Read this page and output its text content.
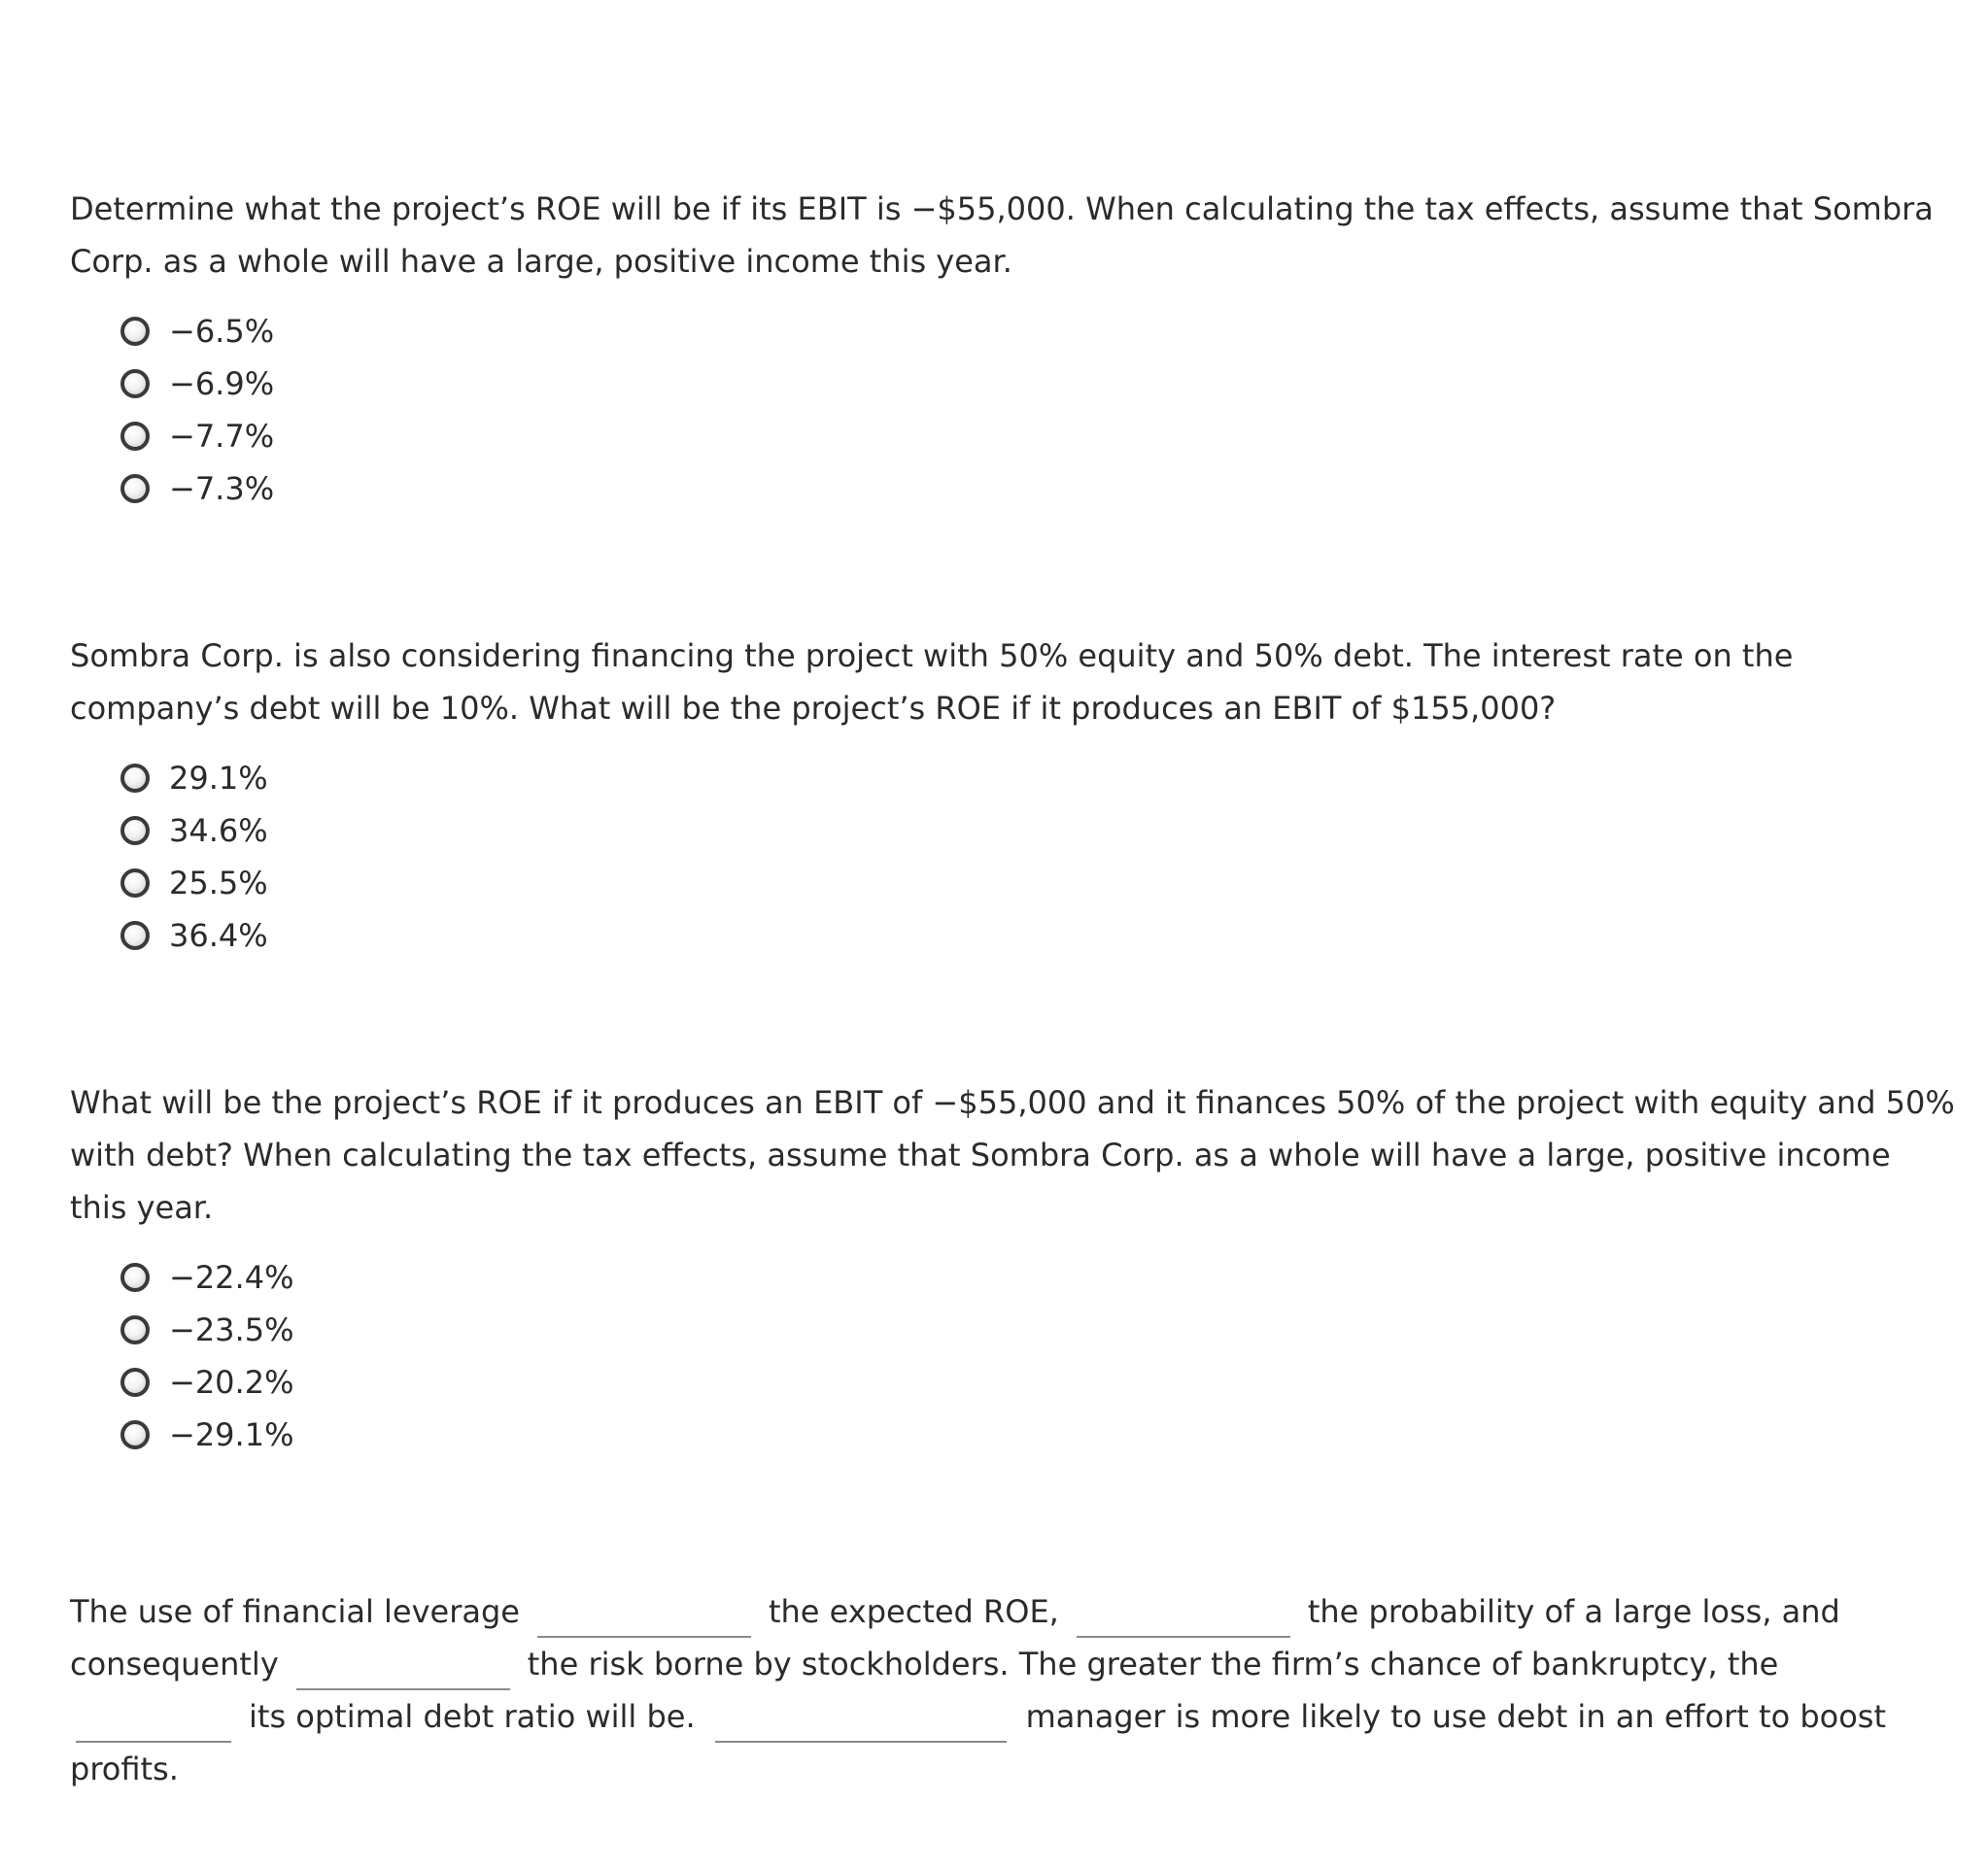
Determine what the project’s ROE will be if its EBIT is −$55,000. When calculating the tax effects, assume that Sombra Corp. as a whole will have a large, positive income this year.

−6.5%
−6.9%
−7.7%
−7.3%

Sombra Corp. is also considering financing the project with 50% equity and 50% debt. The interest rate on the company’s debt will be 10%. What will be the project’s ROE if it produces an EBIT of $155,000?

29.1%
34.6%
25.5%
36.4%

What will be the project’s ROE if it produces an EBIT of −$55,000 and it finances 50% of the project with equity and 50% with debt? When calculating the tax effects, assume that Sombra Corp. as a whole will have a large, positive income this year.

−22.4%
−23.5%
−20.2%
−29.1%

The use of financial leverage	the expected ROE,	the probability of a large loss, and consequently	the risk borne by stockholders. The greater the firm’s chance of bankruptcy, theits optimal debt ratio will be.	manager is more likely to use debt in an effort to boost profits.
